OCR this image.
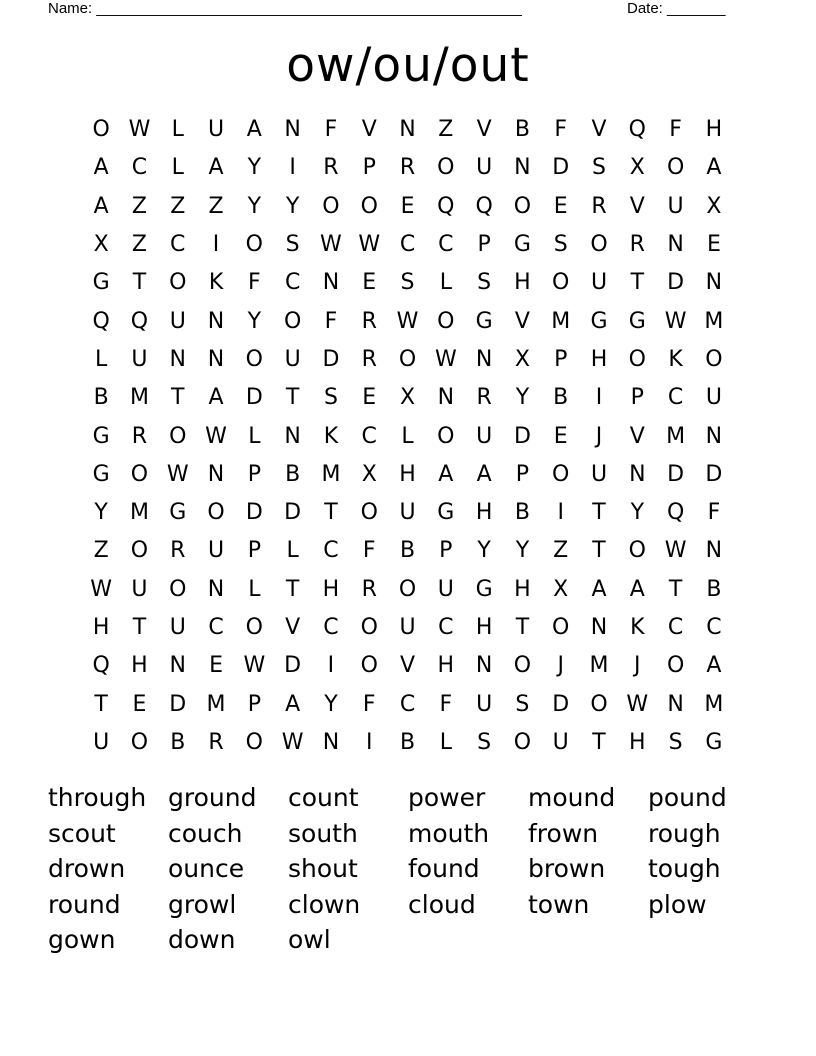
Name: ___________________________________________________	Date: _______
ow/ou/out
O W L	U	A	N	F	V	N	Z	V	B	F	V	Q	F	H
A	C	L	A	Y	I	R	P	R O U	N D	S	X	O	A
A	Z	Z	Z	Y	Y	O O	E	Q Q O	E	R	V	U	X
X	Z	C	I	O	S W W C	C	P	G	S	O R	N	E
G	T	O	K	F	C	N	E	S	L	S	H O U	T	D N
Q Q U	N	Y	O	F	R W O G	V M G G W M
L	U	N N O U D	R O W N	X	P	H O	K	O
B M	T	A	D	T	S	E	X	N	R	Y	B	I	P	C	U
G	R O W L	N	K	C	L	O U D	E	J	V M N
G O W N	P	B M X	H	A	A	P	O U	N D D
Y	M G O D D	T	O U G H	B	I	T	Y	Q	F
Z	O R	U	P	L	C	F	B	P	Y	Y	Z	T	O W N
W U O N	L	T	H	R O U G H	X	A	A	T	B
H	T	U	C O	V	C O U	C	H	T	O N	K	C	C
Q H N	E W D	I	O	V	H N O	J	M	J	O	A
T	E	D M	P	A	Y	F	C	F	U	S	D O W N M
U O	B	R O W N	I	B	L	S	O U	T	H	S	G
through ground	count	power	mound	pound
scout	couch	south	mouth	frown	rough
drown	ounce	shout	found	brown	tough
round	growl	clown	cloud	town	plow
gown	down	owl
